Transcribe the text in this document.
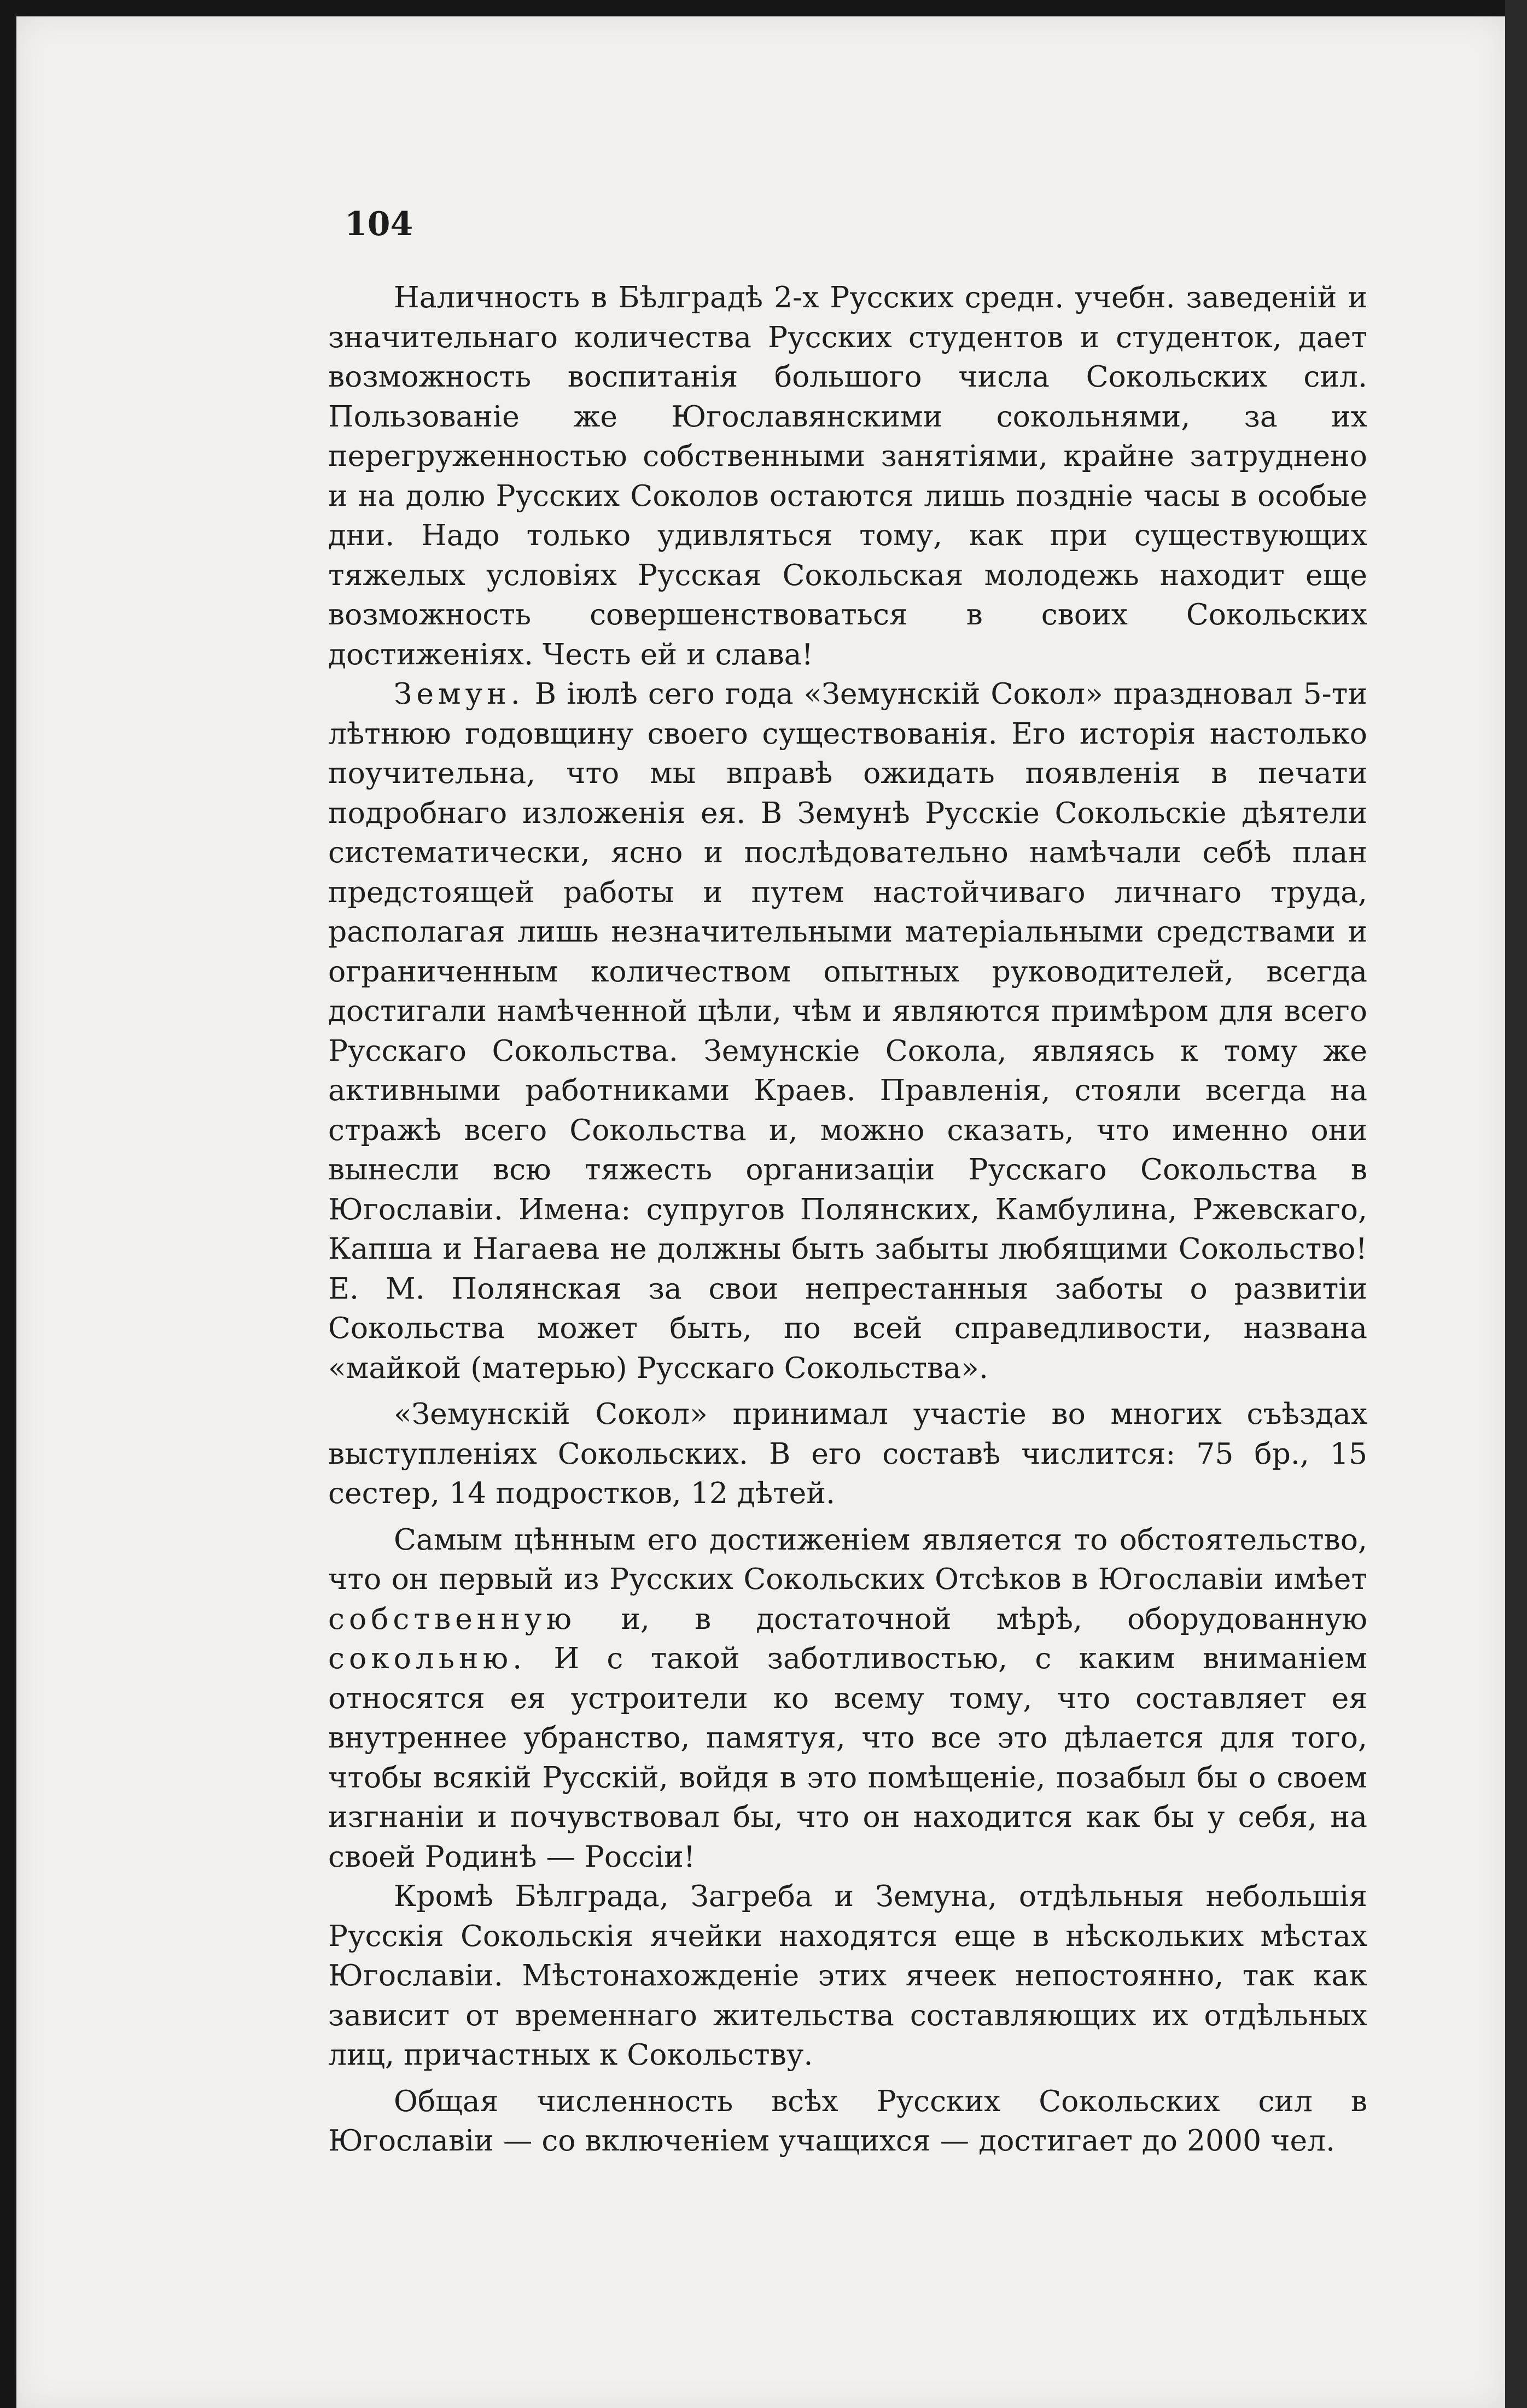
104

Наличность в Бѣлградѣ 2-х Русских средн. учебн. заведеній и значительнаго количества Русских студентов и студенток, дает возможность воспитанія большого числа Сокольских сил. Пользованіе же Югославянскими сокольнями, за их перегруженностью собственными занятіями, крайне затруднено и на долю Русских Соколов остаются лишь поздніе часы в особые дни. Надо только удивляться тому, как при существующих тяжелых условіях Русская Сокольская молодежь находит еще возможность совершенствоваться в своих Сокольских достиженіях. Честь ей и слава!

Земун. В іюлѣ сего года «Земунскій Сокол» праздновал 5-ти лѣтнюю годовщину своего существованія. Его исторія настолько поучительна, что мы вправѣ ожидать появленія в печати подробнаго изложенія ея. В Земунѣ Русскіе Сокольскіе дѣятели систематически, ясно и послѣдовательно намѣчали себѣ план предстоящей работы и путем настойчиваго личнаго труда, располагая лишь незначительными матеріальными средствами и ограниченным количеством опытных руководителей, всегда достигали намѣченной цѣли, чѣм и являются примѣром для всего Русскаго Сокольства. Земунскіе Сокола, являясь к тому же активными работниками Краев. Правленія, стояли всегда на стражѣ всего Сокольства и, можно сказать, что именно они вынесли всю тяжесть организаціи Русскаго Сокольства в Югославіи. Имена: супругов Полянских, Камбулина, Ржевскаго, Капша и Нагаева не должны быть забыты любящими Сокольство! Е. М. Полянская за свои непрестанныя заботы о развитіи Сокольства может быть, по всей справедливости, названа «майкой (матерью) Русскаго Сокольства».

«Земунскій Сокол» принимал участіе во многих съѣздах выступленіях Сокольских. В его составѣ числится: 75 бр., 15 сестер, 14 подростков, 12 дѣтей.

Самым цѣнным его достиженіем является то обстоятельство, что он первый из Русских Сокольских Отсѣков в Югославіи имѣет собственную и, в достаточной мѣрѣ, оборудованную сокольню. И с такой заботливостью, с каким вниманіем относятся ея устроители ко всему тому, что составляет ея внутреннее убранство, памятуя, что все это дѣлается для того, чтобы всякій Русскій, войдя в это помѣщеніе, позабыл бы о своем изгнаніи и почувствовал бы, что он находится как бы у себя, на своей Родинѣ — Россіи!

Кромѣ Бѣлграда, Загреба и Земуна, отдѣльныя небольшія Русскія Сокольскія ячейки находятся еще в нѣскольких мѣстах Югославіи. Мѣстонахожденіе этих ячеек непостоянно, так как зависит от временнаго жительства составляющих их отдѣльных лиц, причастных к Сокольству.

Общая численность всѣх Русских Сокольских сил в Югославіи — со включеніем учащихся — достигает до 2000 чел.
